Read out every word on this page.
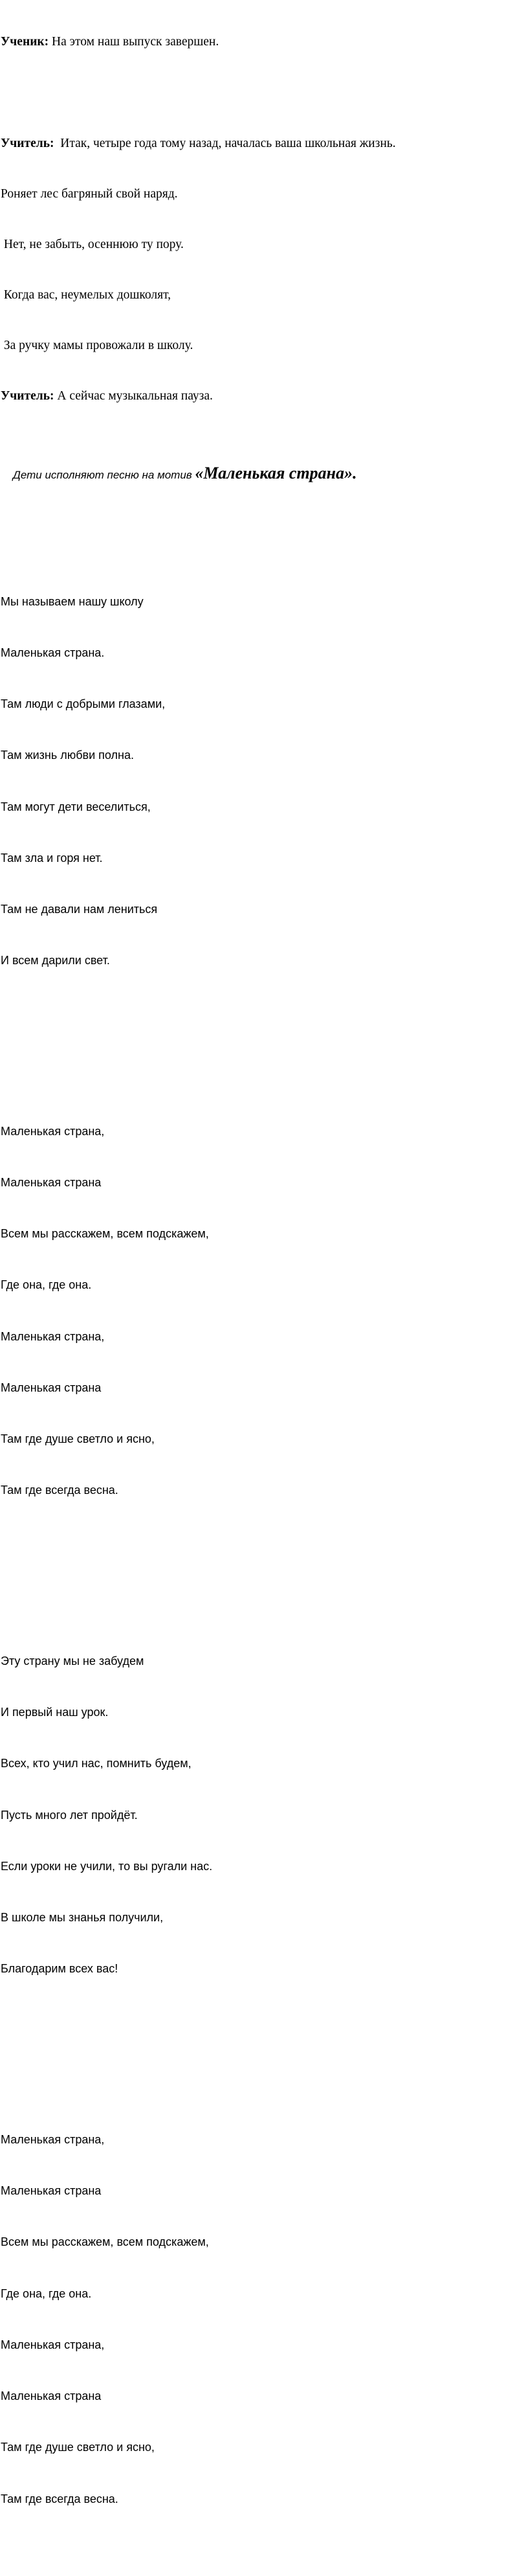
Ученик: На этом наш выпуск завершен.

Учитель:  Итак, четыре года тому назад, началась ваша школьная жизнь.

Роняет лес багряный свой наряд.

Нет, не забыть, осеннюю ту пору.

Когда вас, неумелых дошколят,

За ручку мамы провожали в школу.

Учитель: А сейчас музыкальная пауза.

Дети исполняют песню на мотив «Маленькая страна».

Мы называем нашу школу

Маленькая страна.

Там люди с добрыми глазами,

Там жизнь любви полна.

Там могут дети веселиться,

Там зла и горя нет.

Там не давали нам лениться

И всем дарили свет.

Маленькая страна,

Маленькая страна

Всем мы расскажем, всем подскажем,

Где она, где она.

Маленькая страна,

Маленькая страна

Там где душе светло и ясно,

Там где всегда весна.

Эту страну мы не забудем

И первый наш урок.

Всех, кто учил нас, помнить будем,

Пусть много лет пройдёт.

Если уроки не учили, то вы ругали нас.

В школе мы знанья получили,

Благодарим всех вас!

Маленькая страна,

Маленькая страна

Всем мы расскажем, всем подскажем,

Где она, где она.

Маленькая страна,

Маленькая страна

Там где душе светло и ясно,

Там где всегда весна.
